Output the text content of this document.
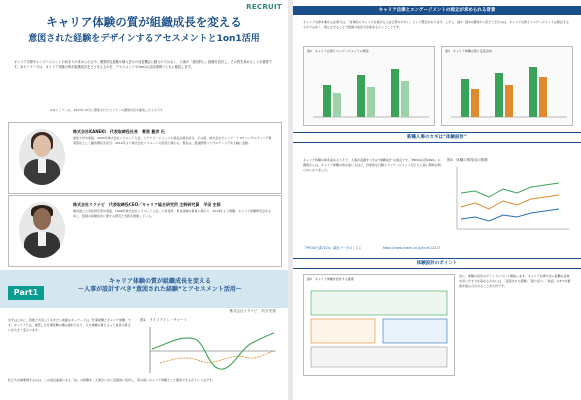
RECRUIT
キャリア体験の質が組織成長を変える
意図された経験をデザインするアセスメントと1on1活用
キャリア自律やエンゲージメントの高まりが求められる中、偶発的な経験や個人任せの成長機会に頼るのではなく、人事が「意図的に」経験を設計し、その質を高めることが重要です。本セミナーでは、キャリア体験の質が組織成長をどう変えるかを、アセスメントや1on1の活用事例とともに解説します。
※本セミナーは、2025年10月に開催されたセミナーの講演内容を編集したものです
株式会社KANEKI　代表取締役社長　菅原 豊彦 氏
愛知大学卒業後、2003年株式会社リクルート入社。リクナビ・ジョッブル商品企画を担当。その後、株式会社キャリア・ア ET コンサルティング事業部長として顧客開拓を担当。2010年より株式会社リクルートの経営に携わる。現在は、組織開発コンサルティングを主軸に活動。
株式会社リクナビ　代表取締役CEO／キャリア総合研究所 主幹研究員　平田 史郎
横浜国立大学経済学部卒業後、1998年株式会社リクルート入社。人材採用・育成領域の事業に携わり、2018年より現職。キャリア体験研究会を主宰し、組織の経験設計に関する研究と実践を推進している。
Part1
キャリア体験の質が組織成長を変える
〜人事が設計すべき“意図された経験”とアセスメント活用〜
株式会社リクナビ　平田 史郎
まずはじめに、皆様と共有しておきたい前提のキーワードは「仕事経験とキャリア体験」です。キャリアとは、連続した仕事経験の積み重ねであり、その体験の質によって成長の度合いが大きく変わります。
図1　ライフライン・チャート
私たちが重要視するのは、この成長曲線にある「谷」の経験を、人事がいかに意図的に設計し、質の高いキャリア体験として提供できるかという点です。
キャリア自律とエンゲージメントの両立が求められる背景
キャリア自律を進める企業では、「自律的にキャリアを描ける人ほど辞めやすい」という懸念があります。しかし、図2・図3の調査から見えてきたのは、キャリア自律とエンゲージメントは相反するものではなく、両立させることで組織の成長力が高まるということです。
図2　キャリア自律とエンゲージメントの関係	図3　キャリア体験の質と定着意向
新職人事のカギは“体験設計”
キャリア体験の質を高めるうえで、人事が意識すべきは“体験設計”の視点です。『PROG白書2024』の調査からは、キャリア体験の質が高い人ほど、自律的な行動とエンゲージメントがともに高い傾向が明らかになりました。
図4　体験の質得点の推移
『PROG白書2024』調査データはこちら	https://www.riasec.co.jp/hr-dl/12217
体験設計のポイント
図5　キャリア体験を設計する要素
次に、体験の設計のポイントについて解説します。キャリア自律や自ら経験の意味を見いだす力を高めるためには、「意図された経験」「振り返り」「対話」の3つの要素を組み合わせることが大切です。
